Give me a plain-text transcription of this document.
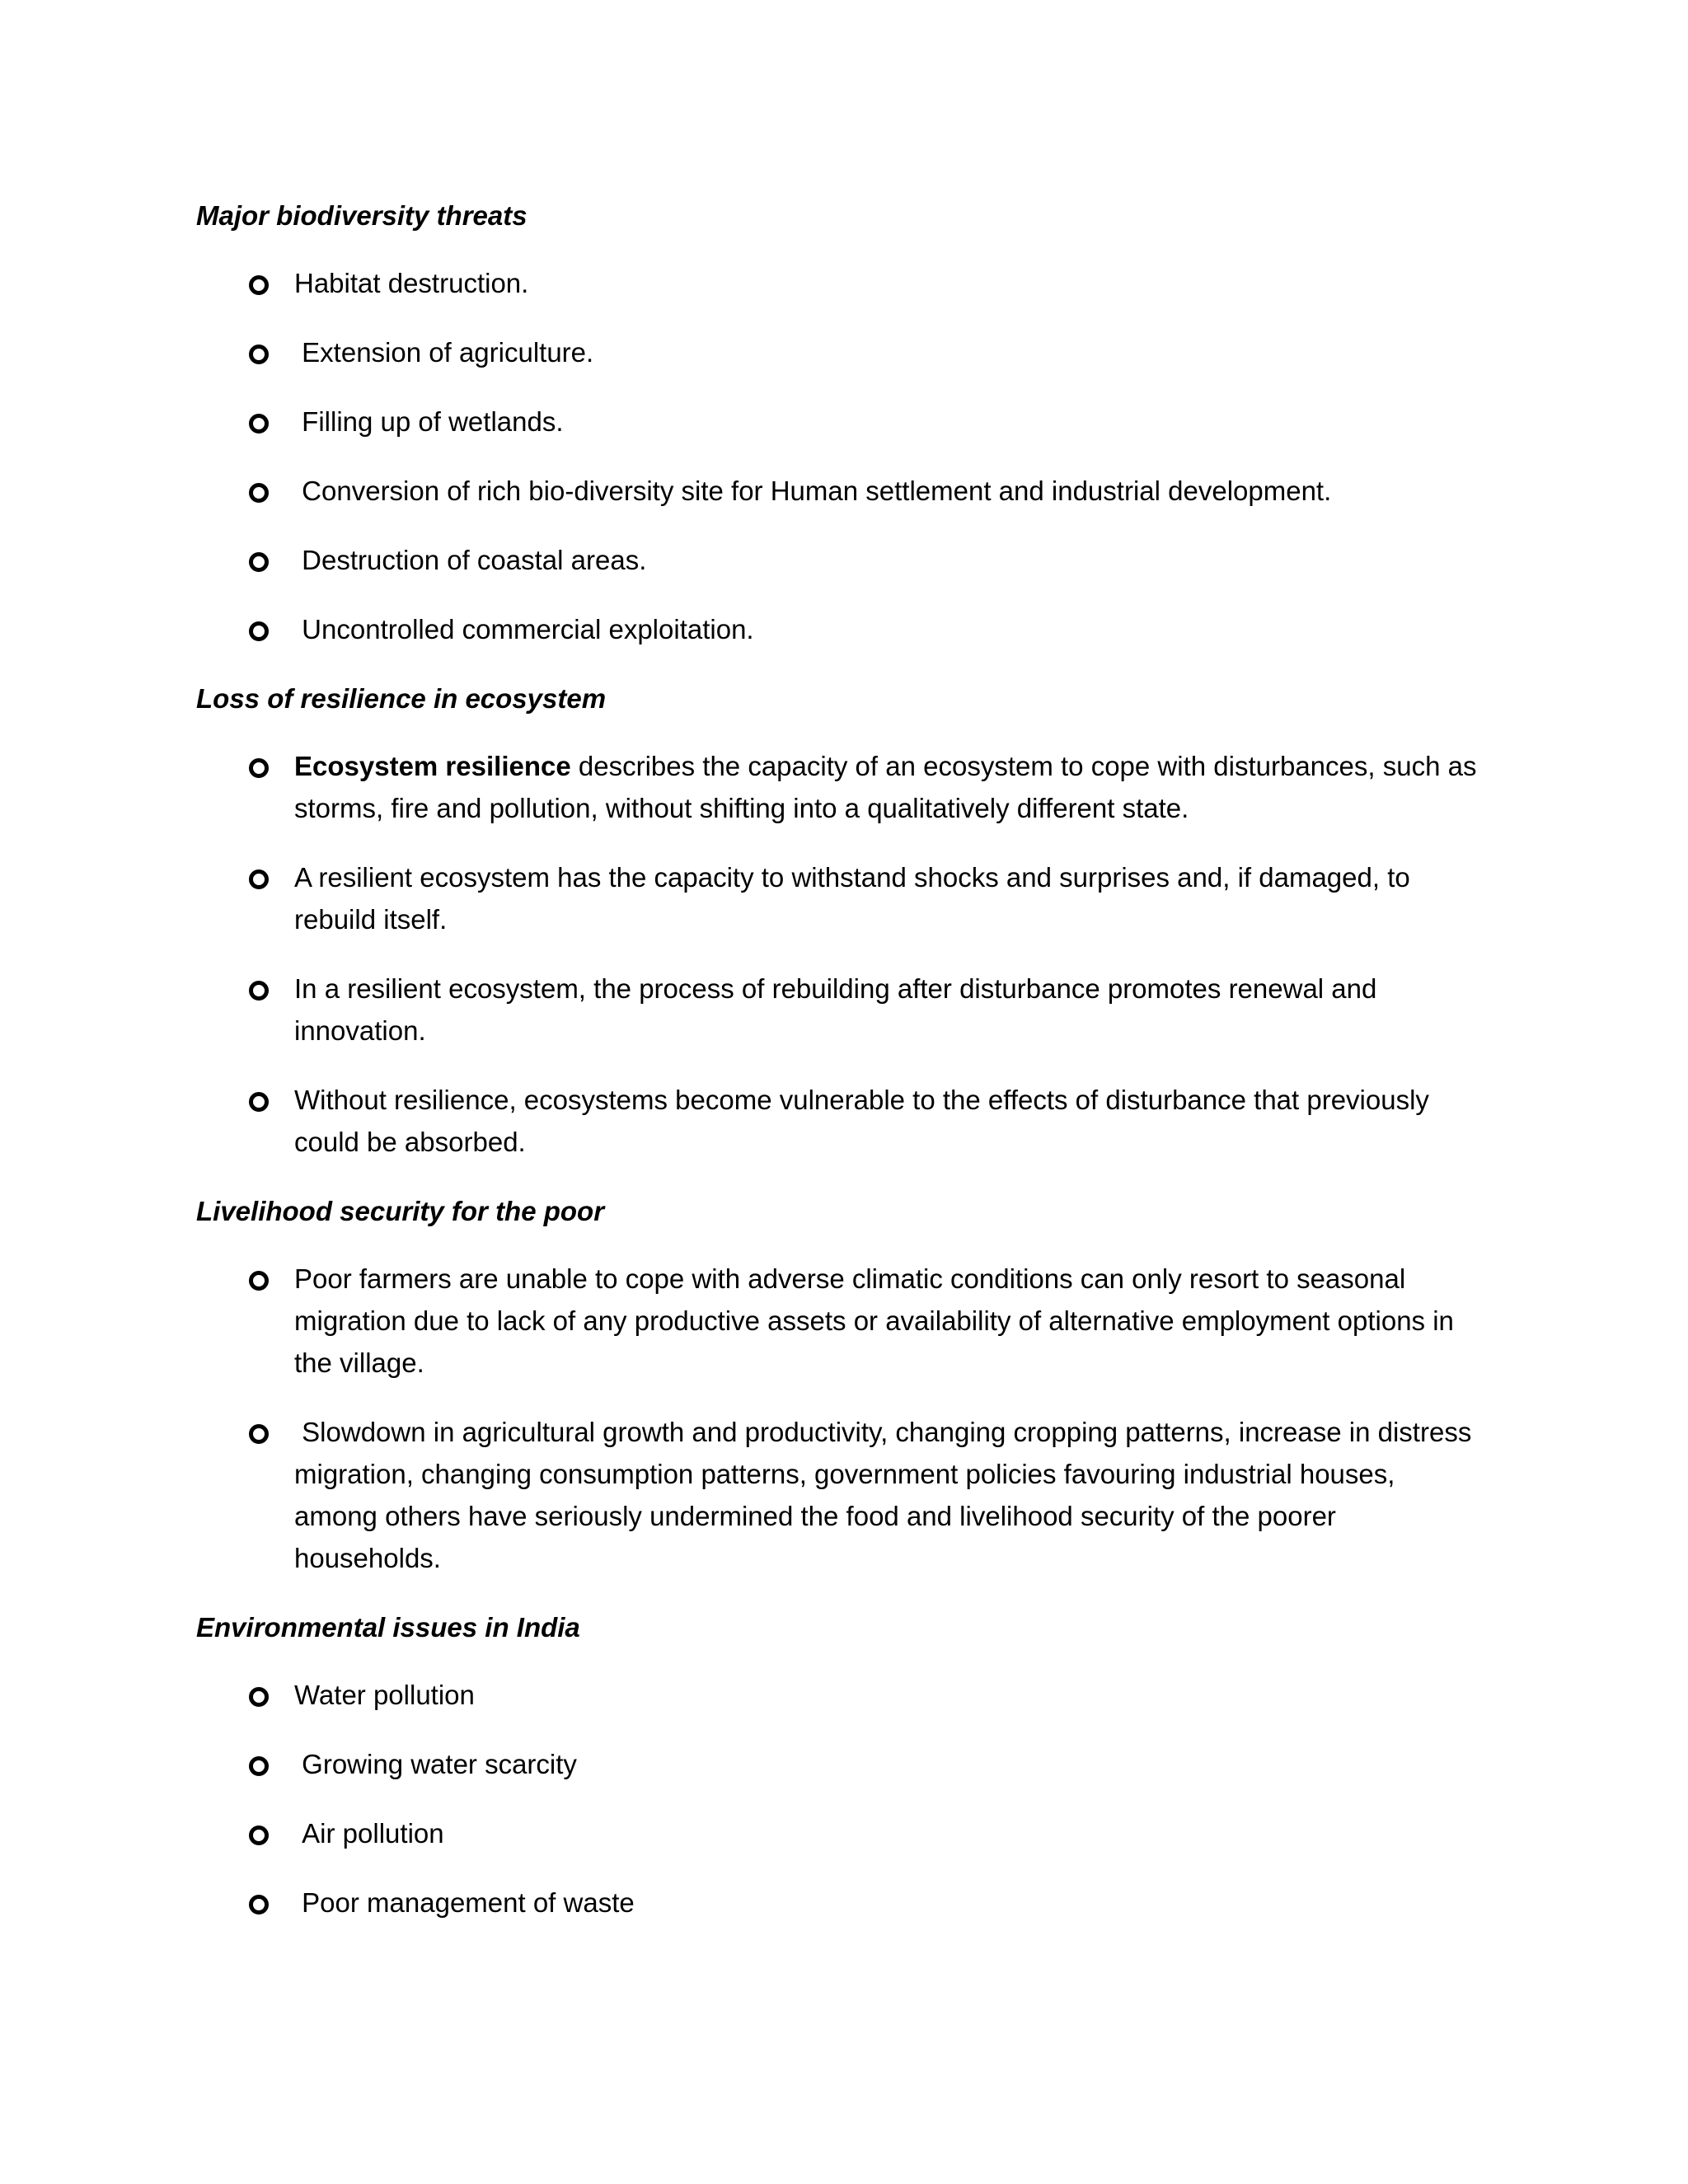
Major biodiversity threats
Habitat destruction.
Extension of agriculture.
Filling up of wetlands.
Conversion of rich bio-diversity site for Human settlement and industrial development.
Destruction of coastal areas.
Uncontrolled commercial exploitation.
Loss of resilience in ecosystem
Ecosystem resilience describes the capacity of an ecosystem to cope with disturbances, such as storms, fire and pollution, without shifting into a qualitatively different state.
A resilient ecosystem has the capacity to withstand shocks and surprises and, if damaged, to rebuild itself.
In a resilient ecosystem, the process of rebuilding after disturbance promotes renewal and innovation.
Without resilience, ecosystems become vulnerable to the effects of disturbance that previously could be absorbed.
Livelihood security for the poor
Poor farmers are unable to cope with adverse climatic conditions can only resort to seasonal migration due to lack of any productive assets or availability of alternative employment options in the village.
Slowdown in agricultural growth and productivity, changing cropping patterns, increase in distress migration, changing consumption patterns, government policies favouring industrial houses, among others have seriously undermined the food and livelihood security of the poorer households.
Environmental issues in India
Water pollution
Growing water scarcity
Air pollution
Poor management of waste
